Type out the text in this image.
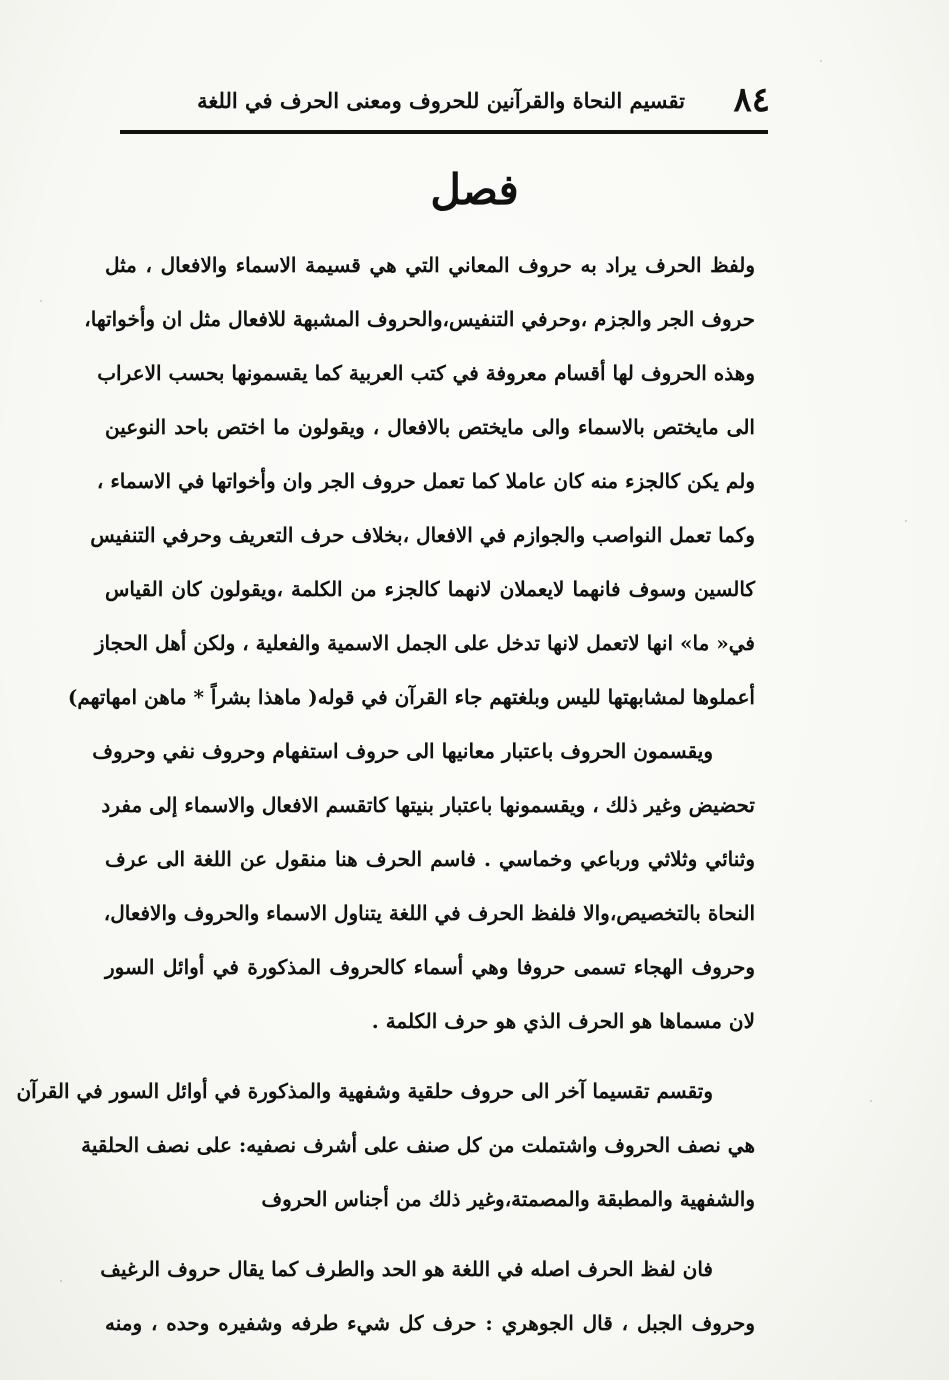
٨٤
تقسيم النحاة والقرآنين للحروف ومعنى الحرف في اللغة
فصل
ولفظ الحرف يراد به حروف المعاني التي هي قسيمة الاسماء والافعال ، مثل
حروف الجر والجزم ،وحرفي التنفيس،والحروف المشبهة للافعال مثل ان وأخواتها،
وهذه الحروف لها أقسام معروفة في كتب العربية كما يقسمونها بحسب الاعراب
الى مايختص بالاسماء والى مايختص بالافعال ، ويقولون ما اختص باحد النوعين
ولم يكن كالجزء منه كان عاملا كما تعمل حروف الجر وان وأخواتها في الاسماء ،
وكما تعمل النواصب والجوازم في الافعال ،بخلاف حرف التعريف وحرفي التنفيس
كالسين وسوف فانهما لايعملان لانهما كالجزء من الكلمة ،ويقولون كان القياس
في« ما» انها لاتعمل لانها تدخل على الجمل الاسمية والفعلية ، ولكن أهل الحجاز
أعملوها لمشابهتها لليس وبلغتهم جاء القرآن في قوله( ماهذا بشراً * ماهن امهاتهم)
ويقسمون الحروف باعتبار معانيها الى حروف استفهام وحروف نفي وحروف
تحضيض وغير ذلك ، ويقسمونها باعتبار بنيتها كاتقسم الافعال والاسماء إلى مفرد
وثنائي وثلاثي ورباعي وخماسي . فاسم الحرف هنا منقول عن اللغة الى عرف
النحاة بالتخصيص،والا فلفظ الحرف في اللغة يتناول الاسماء والحروف والافعال،
وحروف الهجاء تسمى حروفا وهي أسماء كالحروف المذكورة في أوائل السور
لان مسماها هو الحرف الذي هو حرف الكلمة .
وتقسم تقسيما آخر الى حروف حلقية وشفهية والمذكورة في أوائل السور في القرآن
هي نصف الحروف واشتملت من كل صنف على أشرف نصفيه: على نصف الحلقية
والشفهية والمطبقة والمصمتة،وغير ذلك من أجناس الحروف
فان لفظ الحرف اصله في اللغة هو الحد والطرف كما يقال حروف الرغيف
وحروف الجبل ، قال الجوهري : حرف كل شيء طرفه وشفيره وحده ، ومنه
